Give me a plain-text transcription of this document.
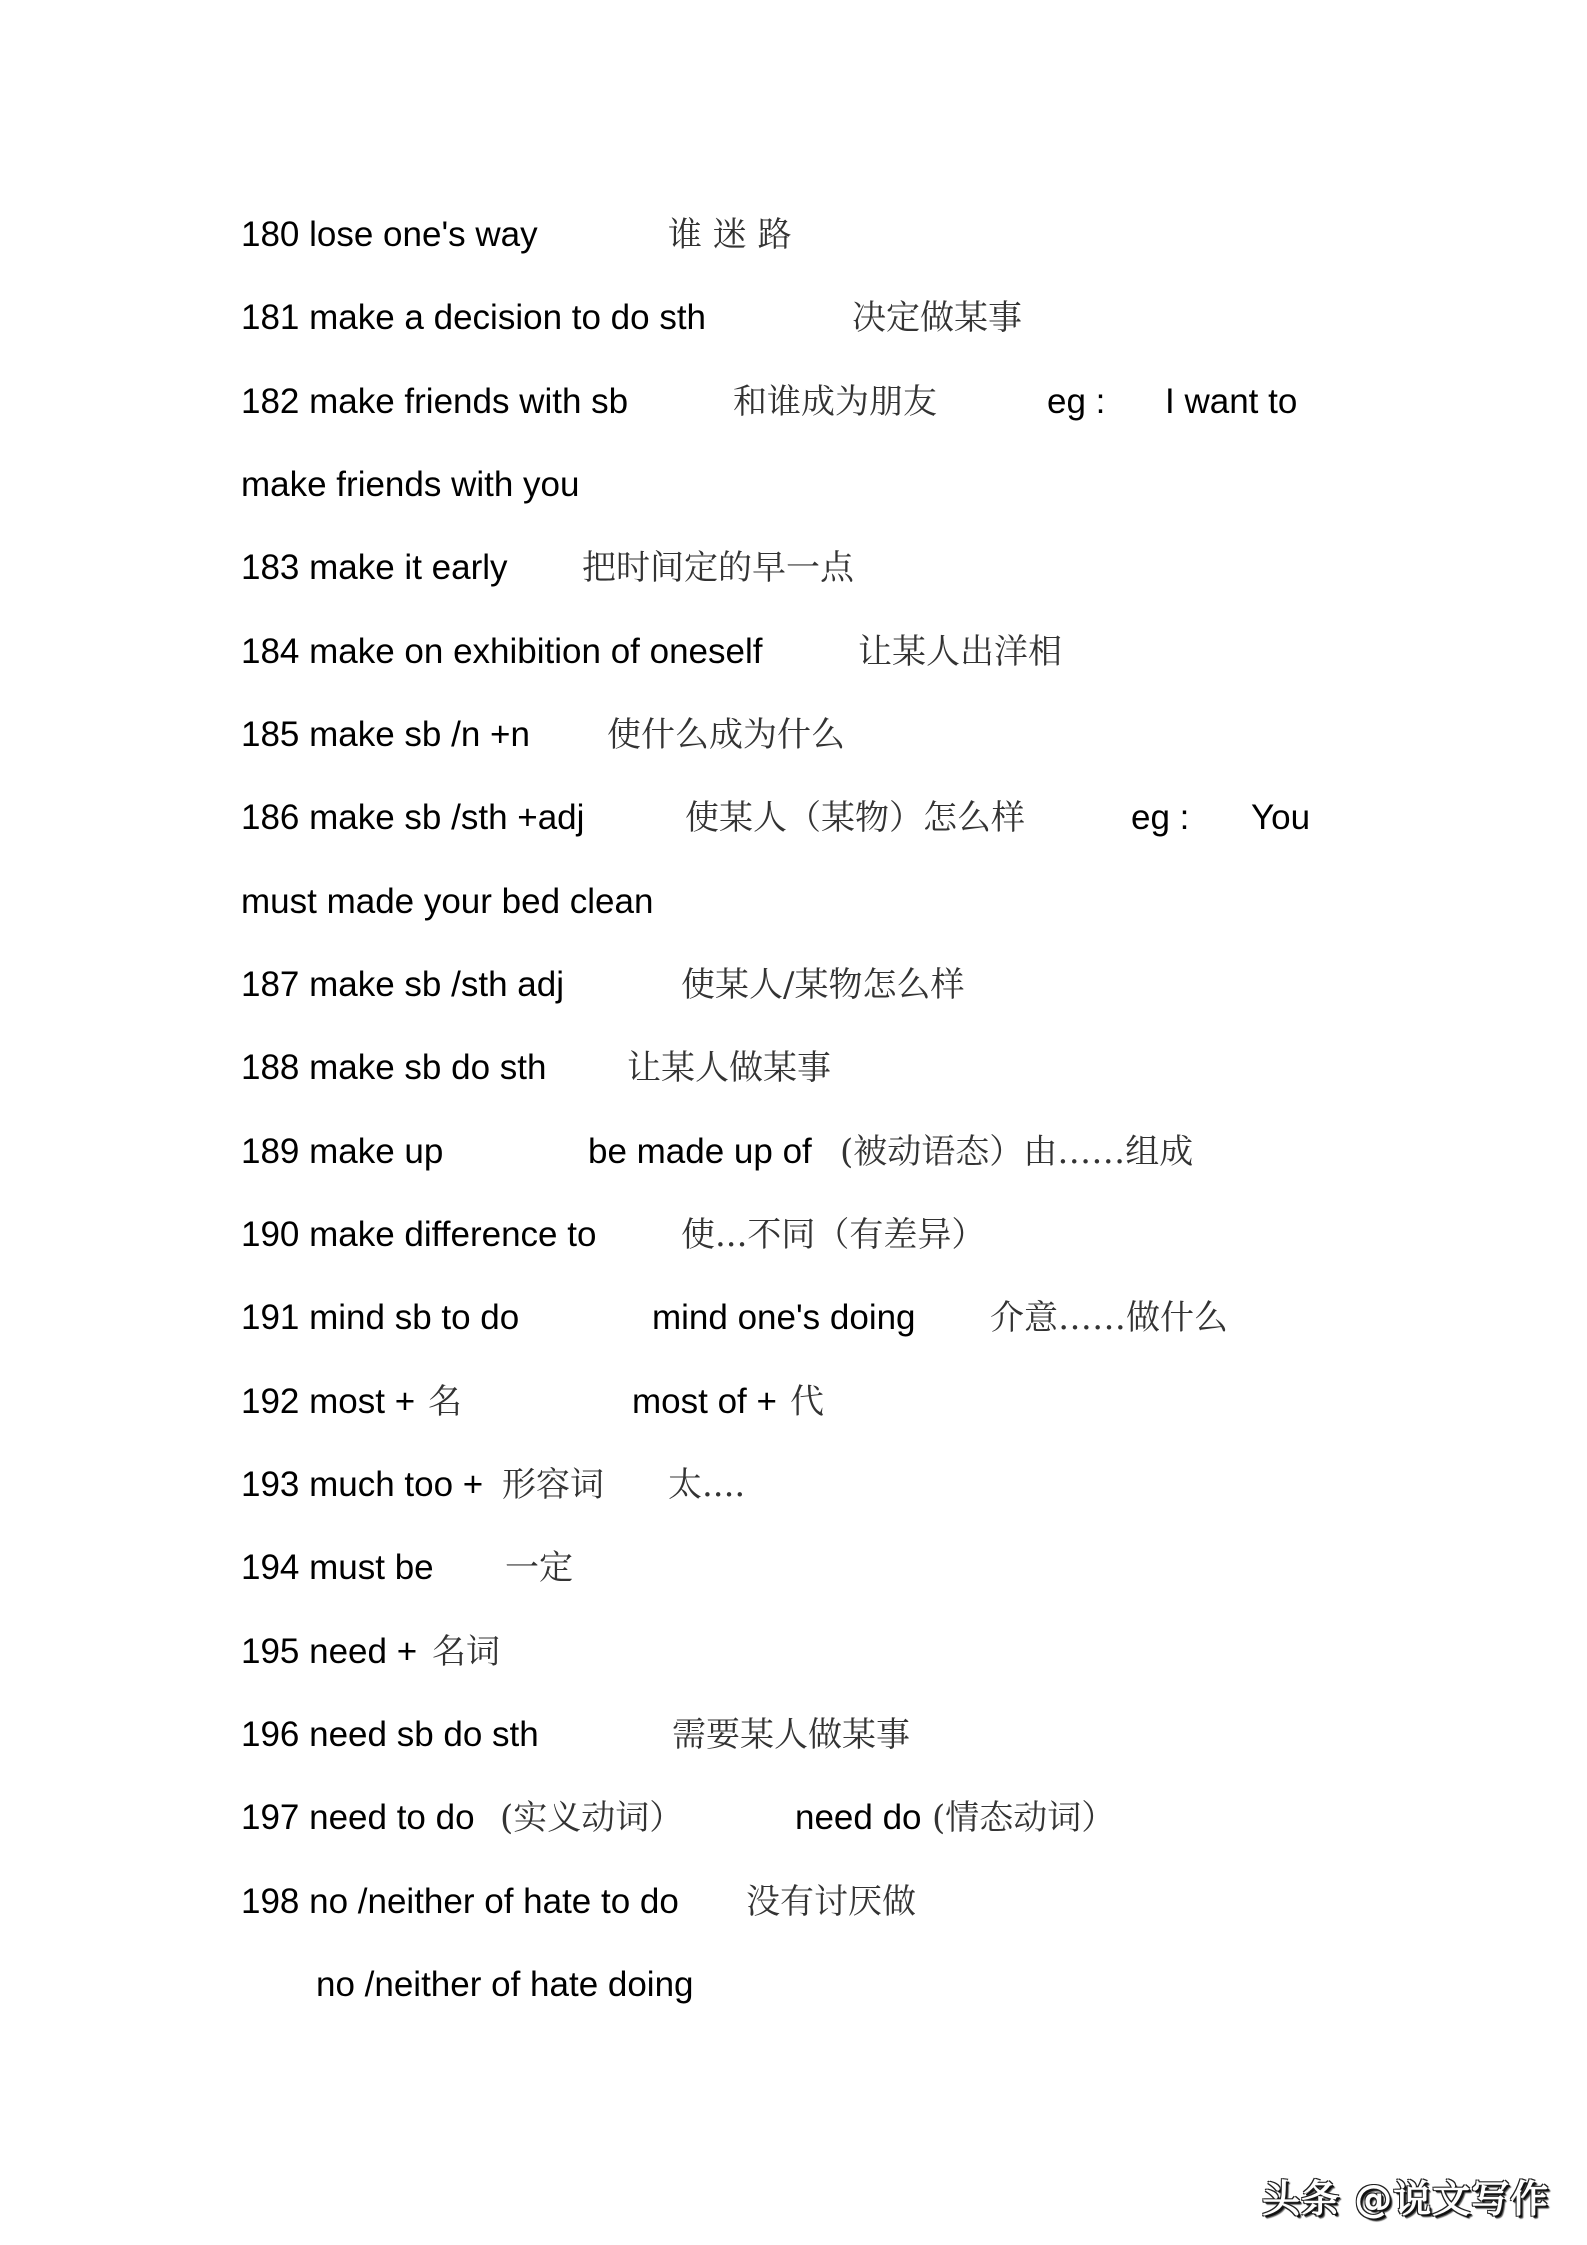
180 lose one's way	谁 迷 路
181 make a decision to do sth	决定做某事
182 make friends with sb	和谁成为朋友	eg : I want to
make friends with you
183 make it early 把时间定的早一点
184 make on exhibition of oneself	让某人出洋相
185 make sb /n +n 使什么成为什么
186 make sb /sth +adj	使某人（某物）怎么样	eg : You
must made your bed clean
187 make sb /sth adj	使某人/某物怎么样
188 make sb do sth 让某人做某事
189 make up	be made up of (被动语态）由……组成
190 make difference to 使...不同（有差异）
191 mind sb to do	mind one's doing 介意……做什么
192 most + 名	most of + 代
193 much too + 形容词 太....
194 must be 一定
195 need + 名词
196 need sb do sth	需要某人做某事
197 need to do (实义动词）	need do (情态动词）
198 no /neither of hate to do 没有讨厌做
no /neither of hate doing
头条 @说文写作
